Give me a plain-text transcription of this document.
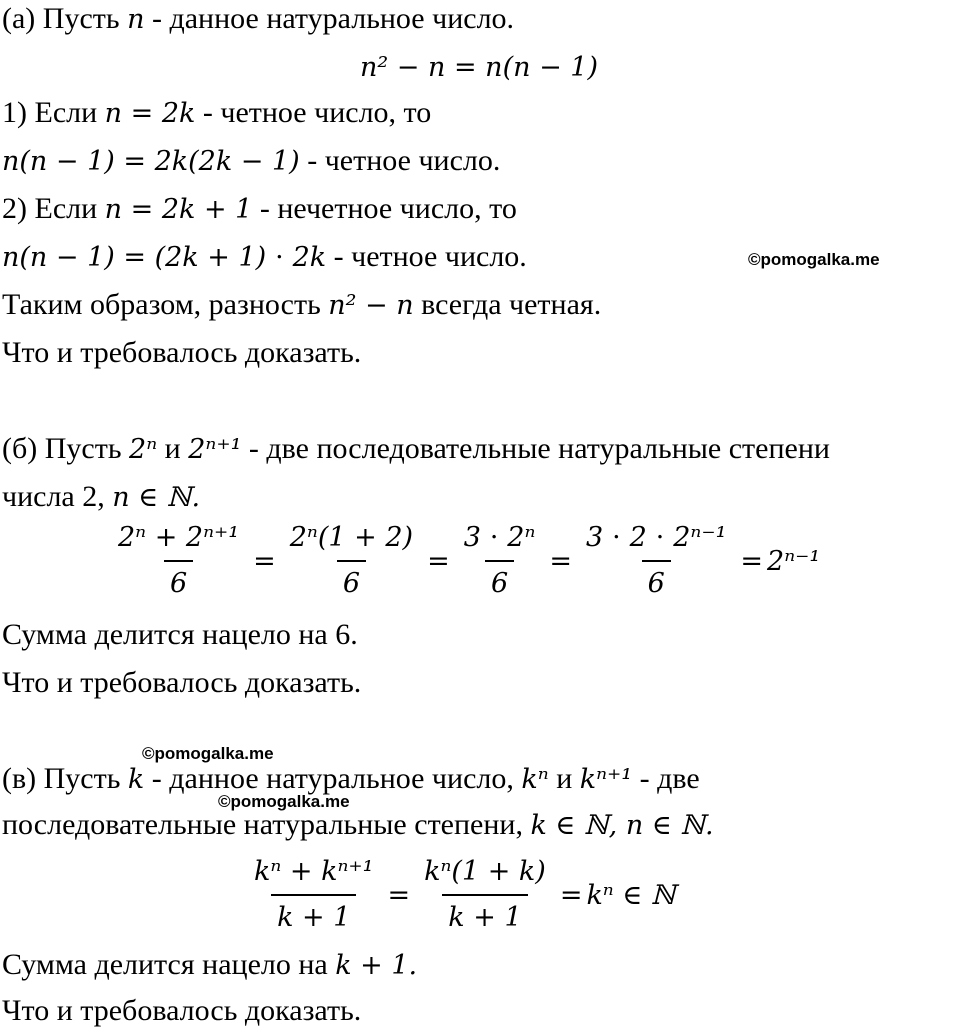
(а) Пусть n - данное натуральное число.
n² − n = n(n − 1)
1) Если n = 2k - четное число, то
n(n − 1) = 2k(2k − 1) - четное число.
2) Если n = 2k + 1 - нечетное число, то
n(n − 1) = (2k + 1) ⋅ 2k - четное число.	©pomogalka.me
Таким образом, разность n² − n всегда четная.
Что и требовалось доказать.
(б) Пусть 2ⁿ и 2ⁿ⁺¹ - две последовательные натуральные степени
числа 2, n ∈ ℕ.
$\frac{\text{2ⁿ + 2ⁿ⁺¹}}{6} = \frac{\text{2ⁿ(1 + 2)}}{6} = \frac{\text{3 ⋅ 2ⁿ}}{6} = \frac{\text{3 ⋅ 2 ⋅ 2ⁿ⁻¹}}{6} = 2^{n-1}$
Сумма делится нацело на 6.
Что и требовалось доказать.
©pomogalka.me
(в) Пусть k - данное натуральное число, kⁿ и kⁿ⁺¹ - две
©pomogalka.me
последовательные натуральные степени, k ∈ ℕ, n ∈ ℕ.
$\frac{\text{kⁿ + kⁿ⁺¹}}{k + 1} = \frac{\text{kⁿ(1 + k)}}{k + 1} = k^n$ ∈ ℕ
Сумма делится нацело на k + 1.
Что и требовалось доказать.
